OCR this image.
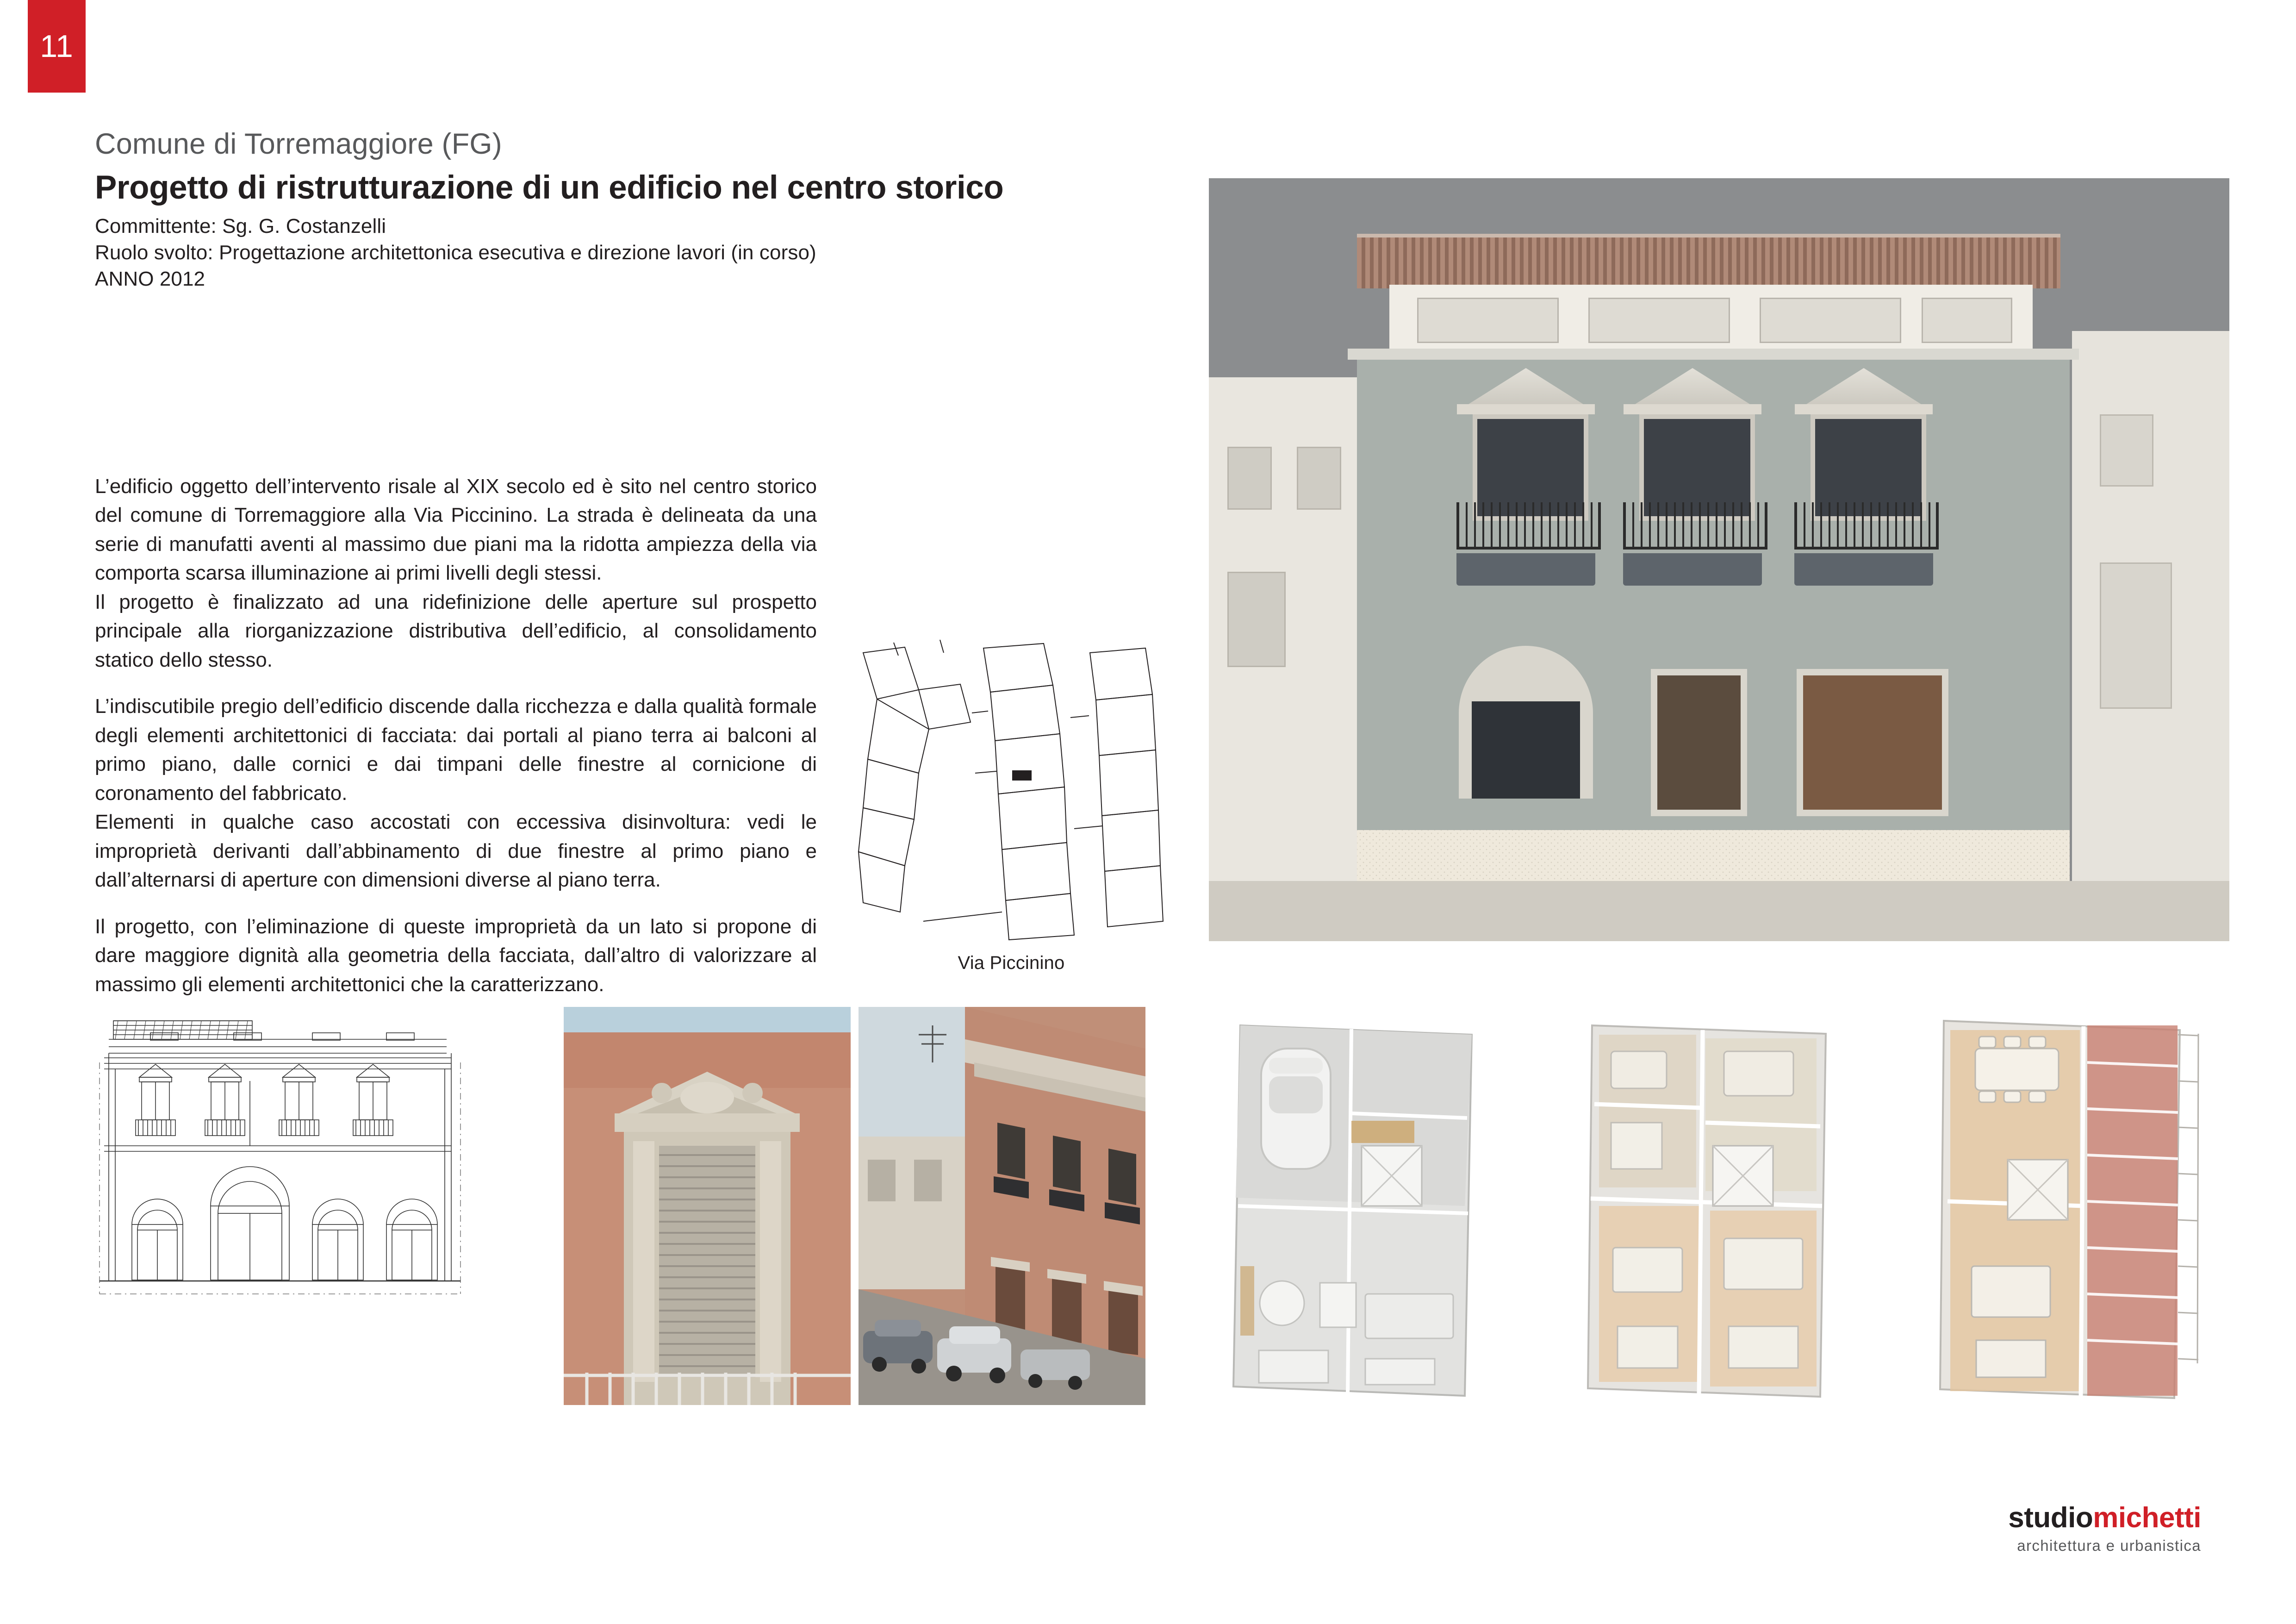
11
Comune di Torremaggiore (FG)
Progetto di ristrutturazione di un edificio nel centro storico
Committente: Sg. G. Costanzelli
Ruolo svolto: Progettazione architettonica esecutiva e direzione lavori (in corso)
ANNO 2012

L’edificio oggetto dell’intervento risale al XIX secolo ed è sito nel centro storico del comune di Torremaggiore alla Via Piccinino. La strada è delineata da una serie di manufatti aventi al massimo due piani ma la ridotta ampiezza della via comporta scarsa illuminazione ai primi livelli degli stessi.

Il progetto è finalizzato ad una ridefinizione delle aperture sul prospetto principale alla riorganizzazione distributiva dell’edificio, al consolidamento statico dello stesso.

L’indiscutibile pregio dell’edificio discende dalla ricchezza e dalla qualità formale degli elementi architettonici di facciata: dai portali al piano terra ai balconi al primo piano, dalle cornici e dai timpani delle finestre al cornicione di coronamento del fabbricato.

Elementi in qualche caso accostati con eccessiva disinvoltura: vedi le improprietà derivanti dall’abbinamento di due finestre al primo piano e dall’alternarsi di aperture con dimensioni diverse al piano terra.

Il progetto, con l’eliminazione di queste improprietà da un lato si propone di dare maggiore dignità alla geometria della facciata, dall’altro di valorizzare al massimo gli elementi architettonici che la caratterizzano.

Via Piccinino
studiomichetti
architettura e urbanistica
